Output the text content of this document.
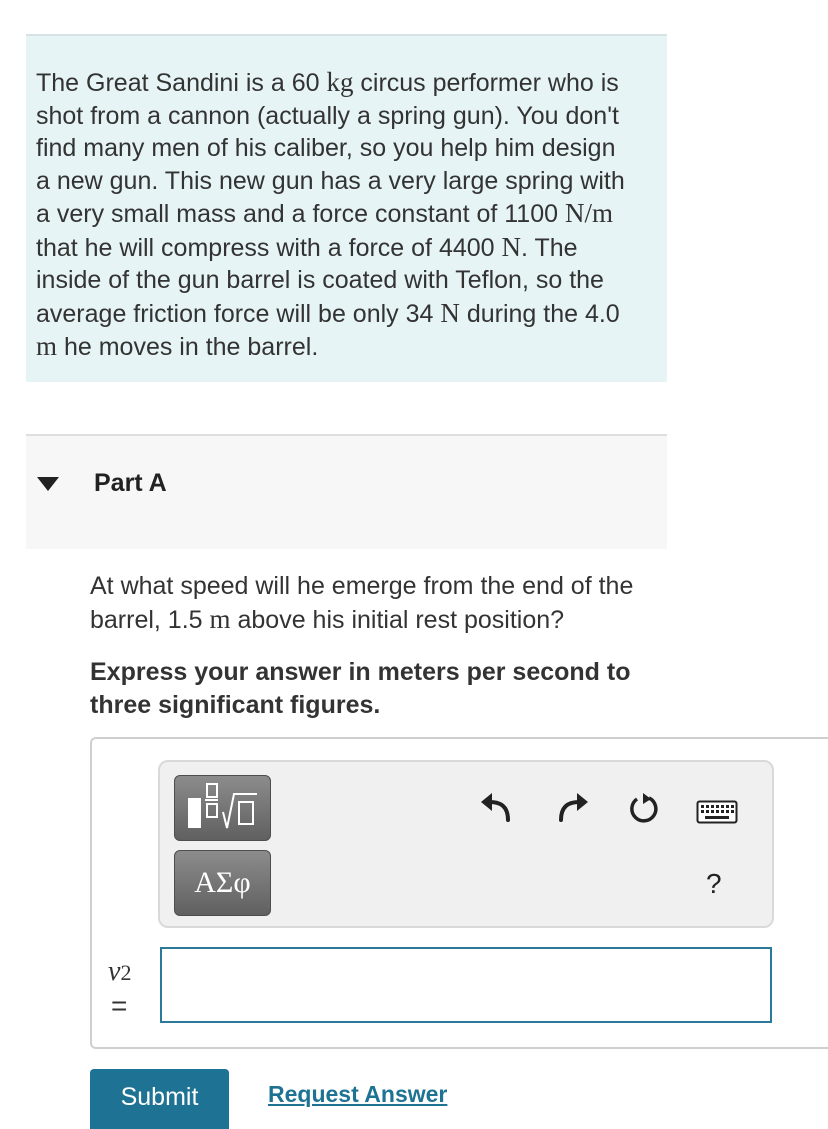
The Great Sandini is a 60 kg circus performer who is shot from a cannon (actually a spring gun). You don't find many men of his caliber, so you help him design a new gun. This new gun has a very large spring with a very small mass and a force constant of 1100 N/m that he will compress with a force of 4400 N. The inside of the gun barrel is coated with Teflon, so the average friction force will be only 34 N during the 4.0 m he moves in the barrel.

Part A

At what speed will he emerge from the end of the barrel, 1.5 m above his initial rest position?

Express your answer in meters per second to three significant figures.

ΑΣφ	?
v2
=
Submit	Request Answer
